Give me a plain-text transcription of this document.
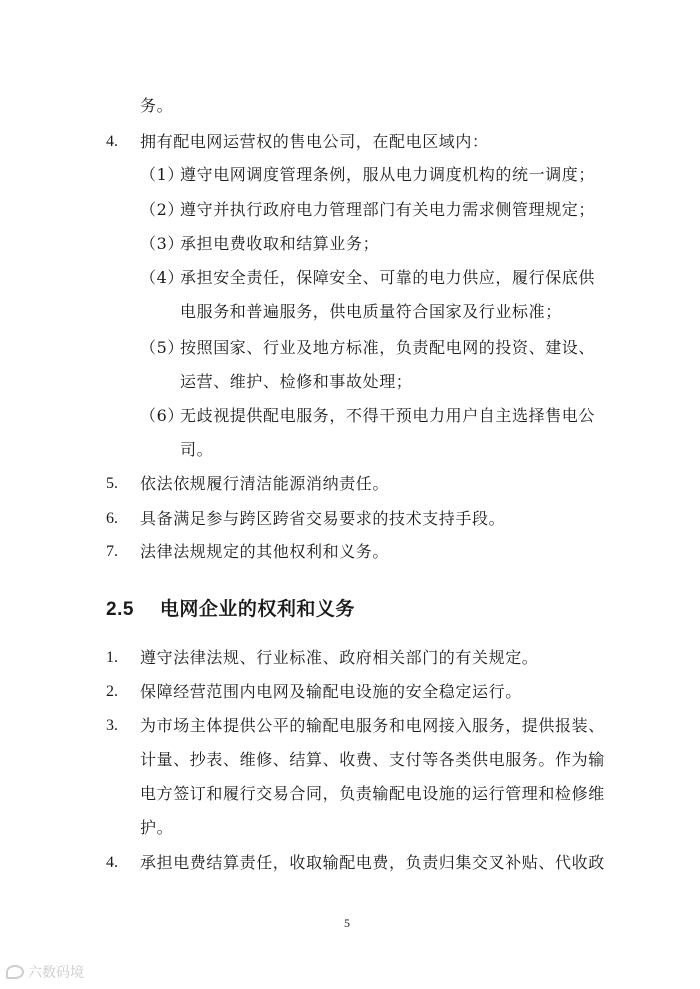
务。
4. 拥有配电网运营权的售电公司，在配电区域内：
（1）
遵守电网调度管理条例，服从电力调度机构的统一调度；
（2）
遵守并执行政府电力管理部门有关电力需求侧管理规定；
（3）
承担电费收取和结算业务；
（4）
承担安全责任，保障安全、可靠的电力供应，履行保底供
电服务和普遍服务，供电质量符合国家及行业标准；
（5）
按照国家、行业及地方标准，负责配电网的投资、建设、
运营、维护、检修和事故处理；
（6）
无歧视提供配电服务，不得干预电力用户自主选择售电公
司。
5. 依法依规履行清洁能源消纳责任。
6. 具备满足参与跨区跨省交易要求的技术支持手段。
7. 法律法规规定的其他权利和义务。
2.5 电网企业的权利和义务
1. 遵守法律法规、行业标准、政府相关部门的有关规定。
2. 保障经营范围内电网及输配电设施的安全稳定运行。
3. 为市场主体提供公平的输配电服务和电网接入服务，提供报装、
计量、抄表、维修、结算、收费、支付等各类供电服务。作为输
电方签订和履行交易合同，负责输配电设施的运行管理和检修维
护。
4. 承担电费结算责任，收取输配电费，负责归集交叉补贴、代收政
5
六数码境
